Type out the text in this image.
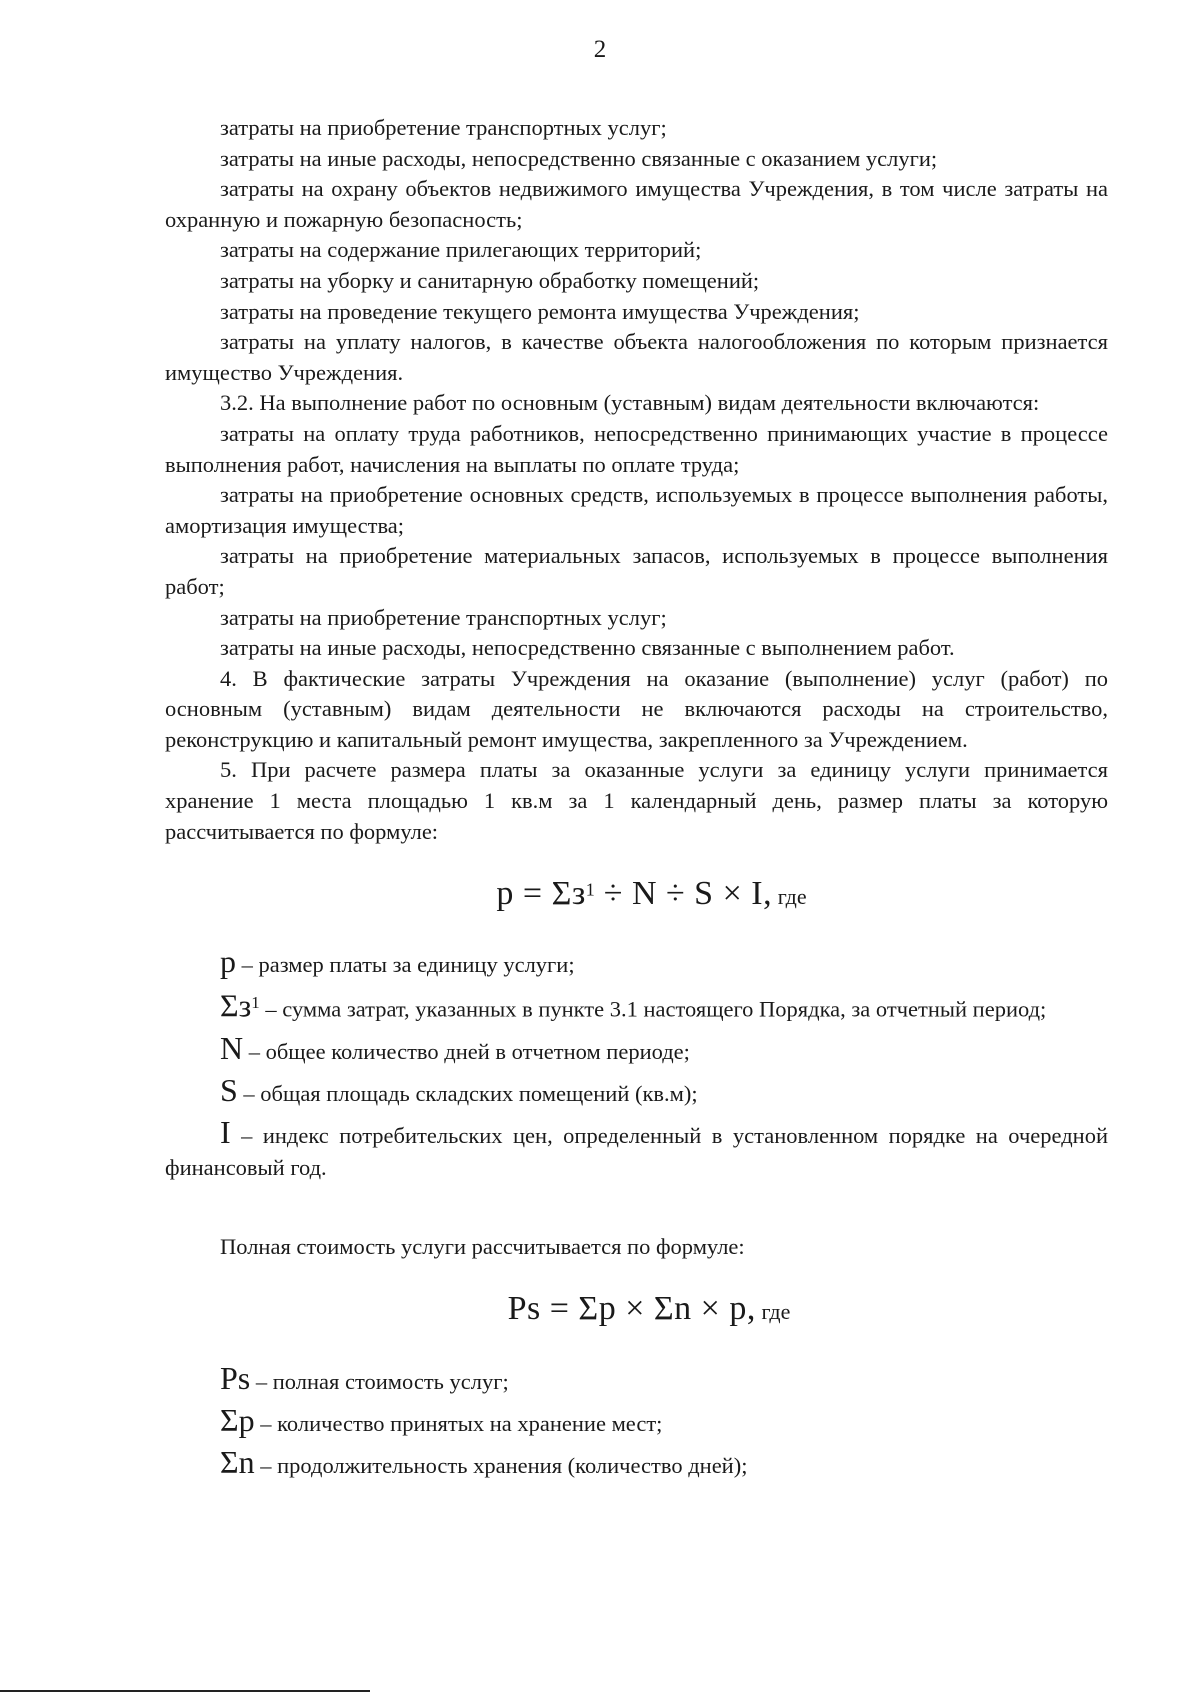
2

затраты на приобретение транспортных услуг;

затраты на иные расходы, непосредственно связанные с оказанием услуги;

затраты на охрану объектов недвижимого имущества Учреждения, в том числе затраты на охранную и пожарную безопасность;

затраты на содержание прилегающих территорий;

затраты на уборку и санитарную обработку помещений;

затраты на проведение текущего ремонта имущества Учреждения;

затраты на уплату налогов, в качестве объекта налогообложения по которым признается имущество Учреждения.

3.2. На выполнение работ по основным (уставным) видам деятельности включаются:

затраты на оплату труда работников, непосредственно принимающих участие в процессе выполнения работ, начисления на выплаты по оплате труда;

затраты на приобретение основных средств, используемых в процессе выполнения работы, амортизация имущества;

затраты на приобретение материальных запасов, используемых в процессе выполнения работ;

затраты на приобретение транспортных услуг;

затраты на иные расходы, непосредственно связанные с выполнением работ.

4. В фактические затраты Учреждения на оказание (выполнение) услуг (работ) по основным (уставным) видам деятельности не включаются расходы на строительство, реконструкцию и капитальный ремонт имущества, закрепленного за Учреждением.

5. При расчете размера платы за оказанные услуги за единицу услуги принимается хранение 1 места площадью 1 кв.м за 1 календарный день, размер платы за которую рассчитывается по формуле:

$p = \Sigma з^1 \div N \div S \times I$, где

p – размер платы за единицу услуги;

$\Sigma з^1$ – сумма затрат, указанных в пункте 3.1 настоящего Порядка, за отчетный период;

N – общее количество дней в отчетном периоде;

S – общая площадь складских помещений (кв.м);

I – индекс потребительских цен, определенный в установленном порядке на очередной финансовый год.

Полная стоимость услуги рассчитывается по формуле:

Ps = Σp × Σn × p, где

Ps – полная стоимость услуг;

Σp – количество принятых на хранение мест;

Σn – продолжительность хранения (количество дней);
